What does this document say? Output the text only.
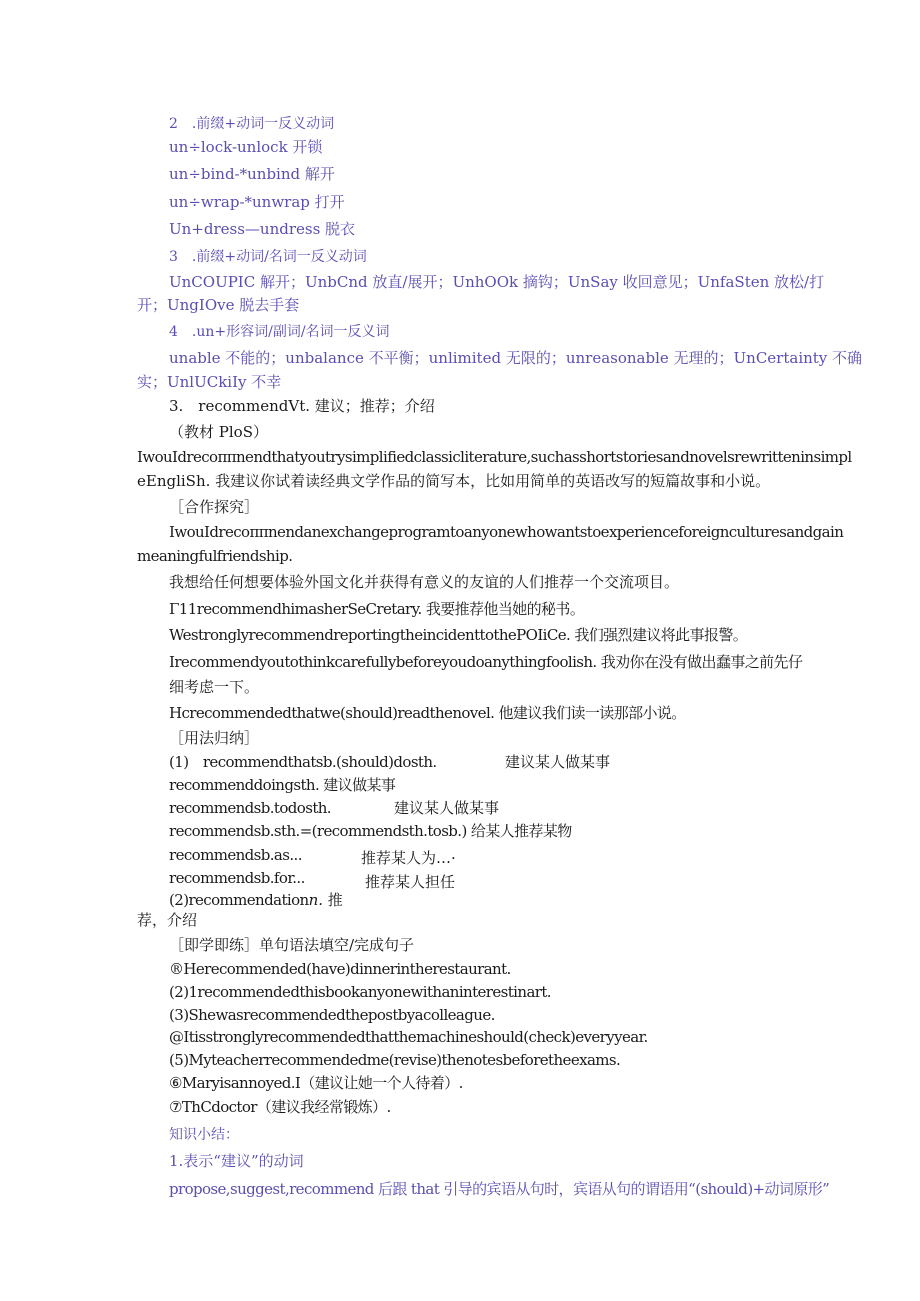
2　.前缀+动词一反义动词
un÷lock-unlock 开锁
un÷bind-*unbind 解开
un÷wrap-*unwrap 打开
Un+dress—undress 脱衣
3　.前缀+动词/名词一反义动词
UnCOUPIC 解开；UnbCnd 放直/展开；UnhOOk 摘钩；UnSay 收回意见；UnfaSten 放松/打
开；UngIOve 脱去手套
4　.un+形容词/副词/名词一反义词
unable 不能的；unbalance 不平衡；unlimited 无限的；unreasonable 无理的；UnCertainty 不确
实；UnlUCkiIy 不幸
3.　recommendVt. 建议；推荐；介绍
（教材 PloS）
IwouIdrecoππnendthatyoutrysimplifiedclassicliterature,suchasshortstoriesandnovelsrewritteninsimpl
eEngliSh. 我建议你试着读经典文学作品的简写本，比如用简单的英语改写的短篇故事和小说。
［合作探究］
IwouIdrecoππnendanexchangeprogramtoanyonewhowantstoexperienceforeignculturesandgain
meaningfulfriendship.
我想给任何想要体验外国文化并获得有意义的友谊的人们推荐一个交流项目。
Γ11recommendhimasherSeCretary. 我要推荐他当她的秘书。
WestronglyrecommendreportingtheincidenttothePOIiCe. 我们强烈建议将此事报警。
Irecommendyoutothinkcarefullybeforeyoudoanythingfoolish. 我劝你在没有做出蠢事之前先仔
细考虑一下。
Hcrecommendedthatwe(should)readthenovel. 他建议我们读一读那部小说。
［用法归纳］
(1)　recommendthatsb.(should)dosth.	建议某人做某事
recommenddoingsth. 建议做某事
recommendsb.todosth.	建议某人做某事
recommendsb.sth.=(recommendsth.tosb.) 给某人推荐某物
recommendsb.as...	推荐某人为…·
recommendsb.for...	推荐某人担任
(2)recommendationn. 推
荐，介绍
［即学即练］单句语法填空/完成句子
®Herecommended(have)dinnerintherestaurant.
(2)1recommendedthisbookanyonewithaninterestinart.
(3)Shewasrecommendedthepostbyacolleague.
@Itisstronglyrecommendedthatthemachineshould(check)everyyear.
(5)Myteacherrecommendedme(revise)thenotesbeforetheexams.
⑥Maryisannoyed.I（建议让她一个人待着）.
⑦ThCdoctor（建议我经常锻炼）.
知识小结：
1.表示“建议”的动词
propose,suggest,recommend 后跟 that 引导的宾语从句时，宾语从句的谓语用“(should)+动词原形”
